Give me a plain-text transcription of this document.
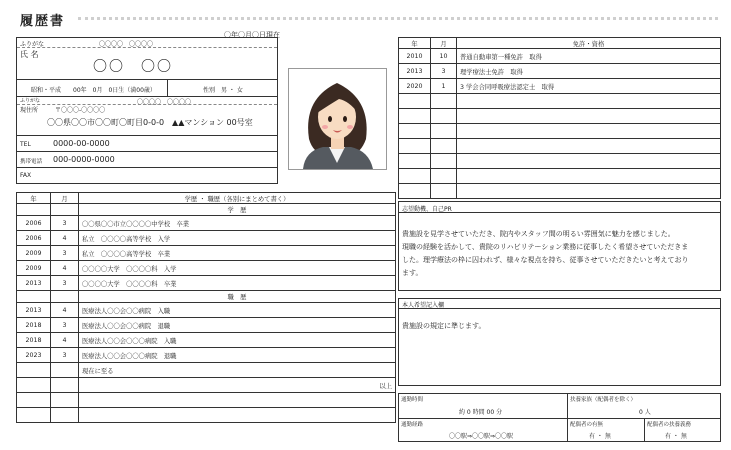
履歴書
〇年〇月〇日現在
ふりがな	〇〇〇〇　〇〇〇〇
氏 名
〇〇　〇〇
昭和・平成　　00年　0月　0日生（満00歳）	性別　男 ・ 女
ふりがな	〇〇〇〇　〇〇〇〇
現住所	〒〇〇〇-〇〇〇〇
〇〇県〇〇市〇〇町〇町目0-0-0　▲▲マンション 00号室
TEL	0000-00-0000
携帯電話 000-0000-0000
FAX
年	月	免許・資格
2010	10	普通自動車第一種免許　取得
2013	3	理学療法士免許　取得
2020	1	3 学会合同呼吸療法認定士　取得

年	月	学歴 ・ 職歴（各別にまとめて書く）
		学　歴
2006	3	〇〇県〇〇市立〇〇〇〇中学校　卒業
2006	4	私立　〇〇〇〇高等学校　入学
2009	3	私立　〇〇〇〇高等学校　卒業
2009	4	〇〇〇〇大学　〇〇〇〇科　入学
2013	3	〇〇〇〇大学　〇〇〇〇科　卒業
		職　歴
2013	4	医療法人〇〇会〇〇病院　入職
2018	3	医療法人〇〇会〇〇病院　退職
2018	4	医療法人〇〇会〇〇〇病院　入職
2023	3	医療法人〇〇会〇〇〇病院　退職
		現在に至る
		以上

志望動機、自己PR
貴施設を見学させていただき、院内やスタッフ間の明るい雰囲気に魅力を感じました。
現職の経験を活かして、貴院のリハビリテーション業務に従事したく希望させていただきま
した。理学療法の枠に囚われず、様々な視点を持ち、従事させていただきたいと考えており
ます。
本人希望記入欄
貴施設の規定に準じます。
通勤時間
約 0 時間 00 分
通勤経路
〇〇駅⇒〇〇駅⇒〇〇駅
扶養家族（配偶者を除く）
0 人
配偶者の有無
有 ・ 無
配偶者の扶養義務
有 ・ 無
